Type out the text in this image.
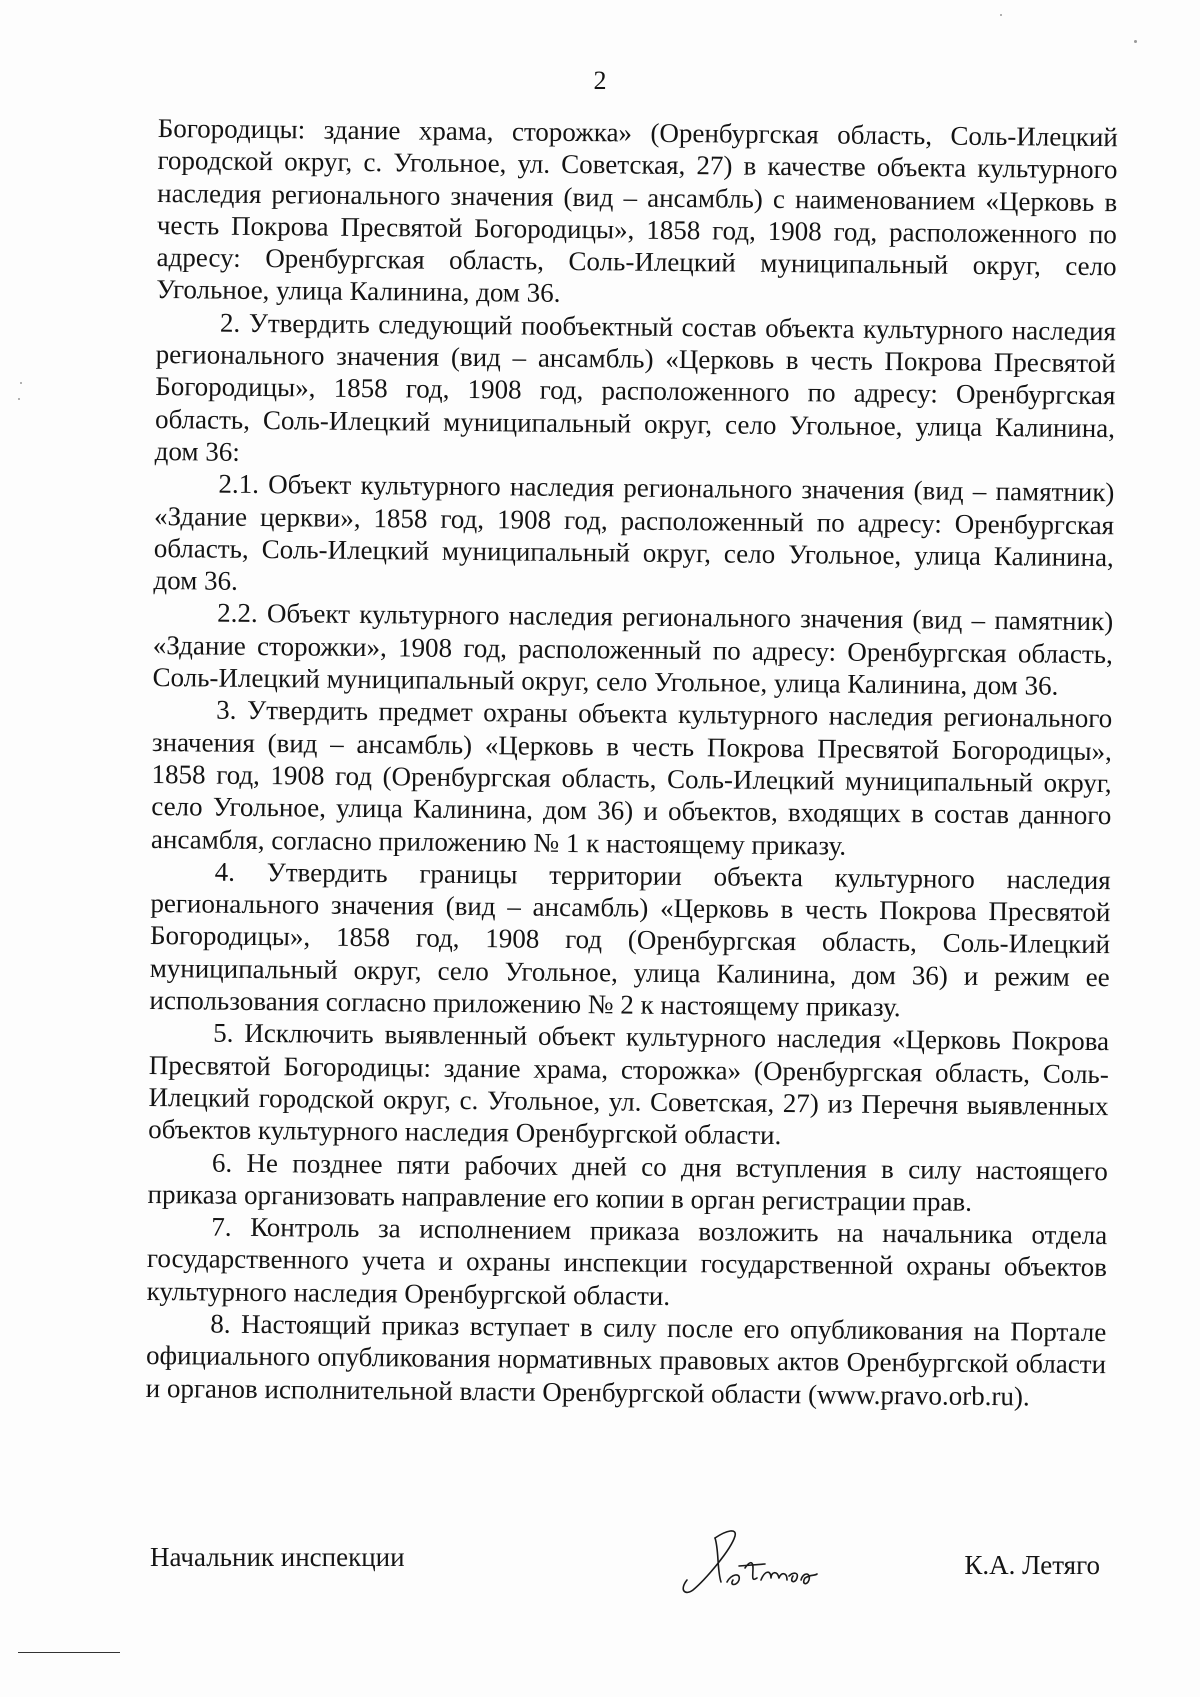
2

Богородицы: здание храма, сторожка» (Оренбургская область, Соль-Илецкий городской округ, с. Угольное, ул. Советская, 27) в качестве объекта культурного наследия регионального значения (вид – ансамбль) с наименованием «Церковь в честь Покрова Пресвятой Богородицы», 1858 год, 1908 год, расположенного по адресу: Оренбургская область, Соль-Илецкий муниципальный округ, село Угольное, улица Калинина, дом 36.

2. Утвердить следующий пообъектный состав объекта культурного наследия регионального значения (вид – ансамбль) «Церковь в честь Покрова Пресвятой Богородицы», 1858 год, 1908 год, расположенного по адресу: Оренбургская область, Соль-Илецкий муниципальный округ, село Угольное, улица Калинина, дом 36:

2.1. Объект культурного наследия регионального значения (вид – памятник) «Здание церкви», 1858 год, 1908 год, расположенный по адресу: Оренбургская область, Соль-Илецкий муниципальный округ, село Угольное, улица Калинина, дом 36.

2.2. Объект культурного наследия регионального значения (вид – памятник) «Здание сторожки», 1908 год, расположенный по адресу: Оренбургская область, Соль-Илецкий муниципальный округ, село Угольное, улица Калинина, дом 36.

3. Утвердить предмет охраны объекта культурного наследия регионального значения (вид – ансамбль) «Церковь в честь Покрова Пресвятой Богородицы», 1858 год, 1908 год (Оренбургская область, Соль-Илецкий муниципальный округ, село Угольное, улица Калинина, дом 36) и объектов, входящих в состав данного ансамбля, согласно приложению № 1 к настоящему приказу.

4. Утвердить границы территории объекта культурного наследия регионального значения (вид – ансамбль) «Церковь в честь Покрова Пресвятой Богородицы», 1858 год, 1908 год (Оренбургская область, Соль-Илецкий муниципальный округ, село Угольное, улица Калинина, дом 36) и режим ее использования согласно приложению № 2 к настоящему приказу.

5. Исключить выявленный объект культурного наследия «Церковь Покрова Пресвятой Богородицы: здание храма, сторожка» (Оренбургская область, Соль-Илецкий городской округ, с. Угольное, ул. Советская, 27) из Перечня выявленных объектов культурного наследия Оренбургской области.

6. Не позднее пяти рабочих дней со дня вступления в силу настоящего приказа организовать направление его копии в орган регистрации прав.

7. Контроль за исполнением приказа возложить на начальника отдела государственного учета и охраны инспекции государственной охраны объектов культурного наследия Оренбургской области.

8. Настоящий приказ вступает в силу после его опубликования на Портале официального опубликования нормативных правовых актов Оренбургской области и органов исполнительной власти Оренбургской области (www.pravo.orb.ru).

Начальник инспекции	К.А. Летяго
